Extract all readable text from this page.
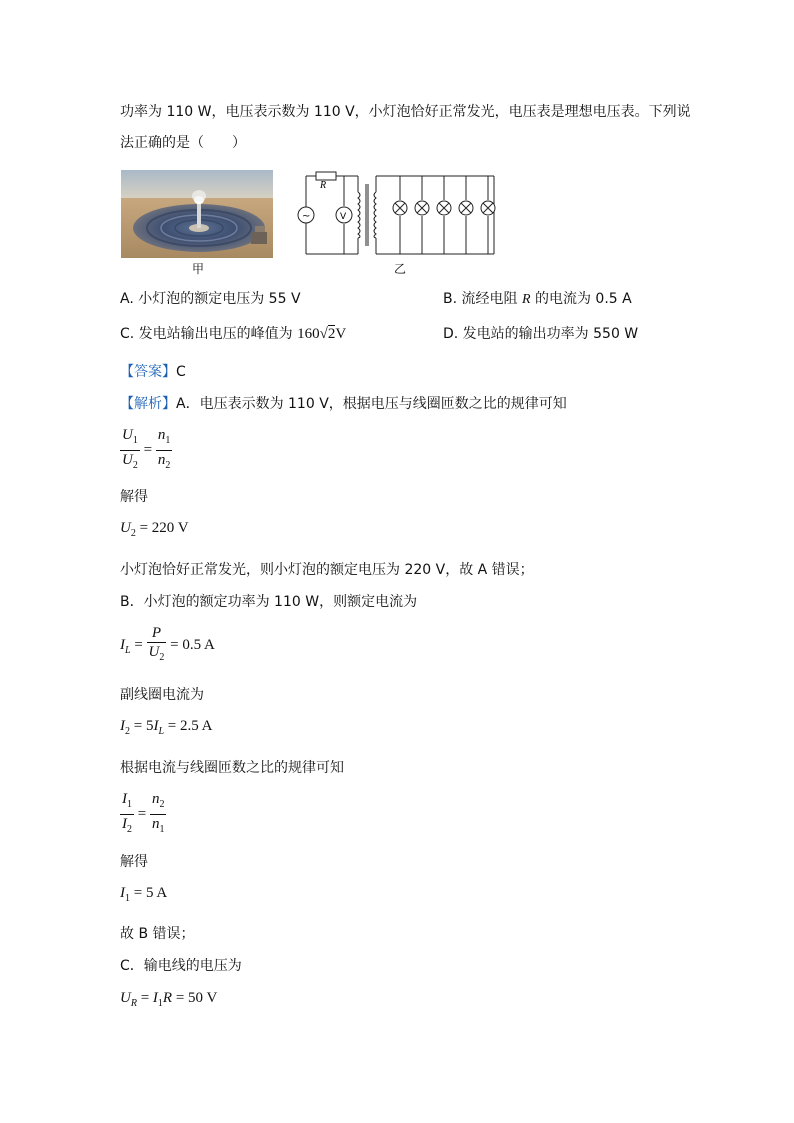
功率为 110 W，电压表示数为 110 V，小灯泡恰好正常发光，电压表是理想电压表。下列说
法正确的是（　　）
甲
R
~	V
乙
A. 小灯泡的额定电压为 55 V	B. 流经电阻 R 的电流为 0.5 A
C. 发电站输出电压的峰值为 160√2V	D. 发电站的输出功率为 550 W
【答案】C
【解析】A．电压表示数为 110 V，根据电压与线圈匝数之比的规律可知
$\frac{U_1}{U_2} = \frac{n_1}{n_2}$
解得
$U_2 = 220$ V
小灯泡恰好正常发光，则小灯泡的额定电压为 220 V，故 A 错误；
B．小灯泡的额定功率为 110 W，则额定电流为
$I_L = \frac{P}{U_2} = 0.5$ A
副线圈电流为
$I_2 = 5I_L = 2.5$ A
根据电流与线圈匝数之比的规律可知
$\frac{I_1}{I_2} = \frac{n_2}{n_1}$
解得
$I_1 = 5$ A
故 B 错误；
C．输电线的电压为
$U_R = I_1R = 50$ V
